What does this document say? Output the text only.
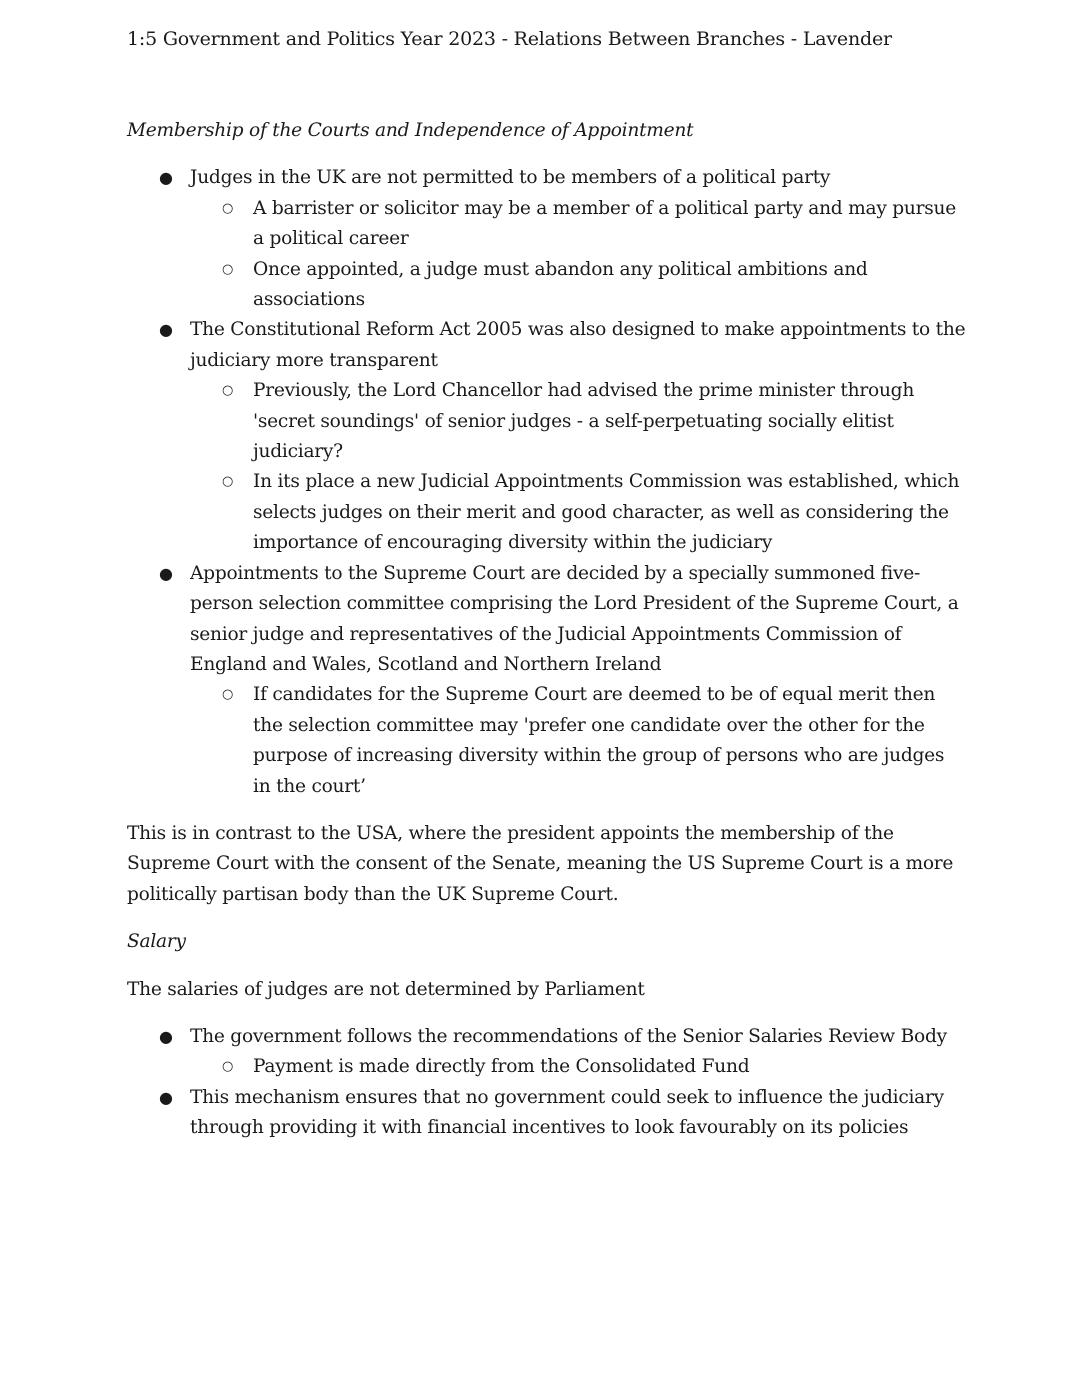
1:5 Government and Politics Year 2023 - Relations Between Branches - Lavender
Membership of the Courts and Independence of Appointment
● Judges in the UK are not permitted to be members of a political party
○ A barrister or solicitor may be a member of a political party and may pursue a political career
○ Once appointed, a judge must abandon any political ambitions and associations
● The Constitutional Reform Act 2005 was also designed to make appointments to the judiciary more transparent
○ Previously, the Lord Chancellor had advised the prime minister through 'secret soundings' of senior judges - a self-perpetuating socially elitist judiciary?
○ In its place a new Judicial Appointments Commission was established, which selects judges on their merit and good character, as well as considering the importance of encouraging diversity within the judiciary
● Appointments to the Supreme Court are decided by a specially summoned five-person selection committee comprising the Lord President of the Supreme Court, a senior judge and representatives of the Judicial Appointments Commission of England and Wales, Scotland and Northern Ireland
○ If candidates for the Supreme Court are deemed to be of equal merit then the selection committee may 'prefer one candidate over the other for the purpose of increasing diversity within the group of persons who are judges in the court’

This is in contrast to the USA, where the president appoints the membership of the Supreme Court with the consent of the Senate, meaning the US Supreme Court is a more politically partisan body than the UK Supreme Court.

Salary

The salaries of judges are not determined by Parliament

● The government follows the recommendations of the Senior Salaries Review Body
○ Payment is made directly from the Consolidated Fund
● This mechanism ensures that no government could seek to influence the judiciary through providing it with financial incentives to look favourably on its policies
